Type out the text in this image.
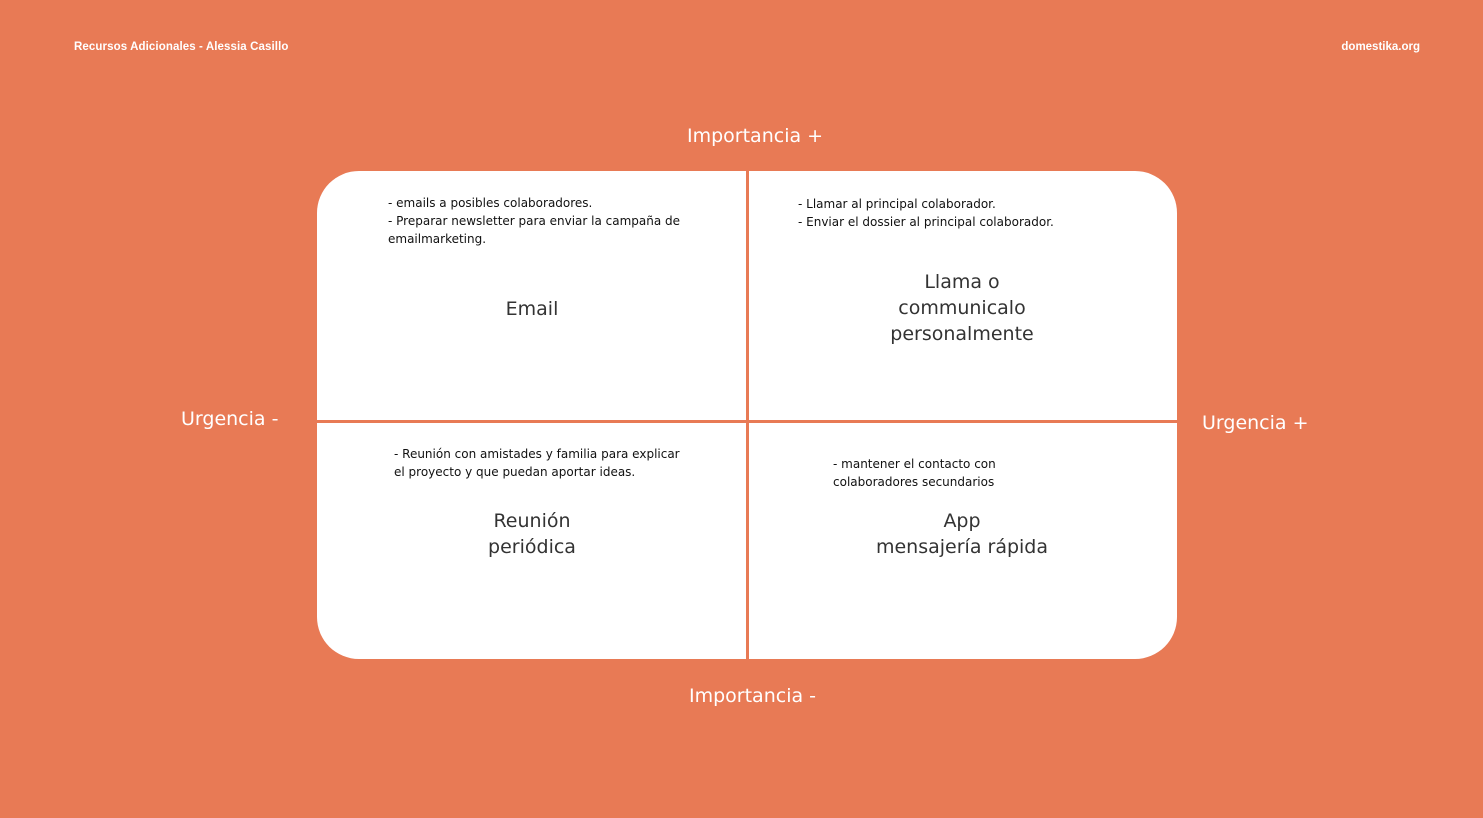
Recursos Adicionales - Alessia Casillo	domestika.org
Importancia +
Importancia -
Urgencia -	Urgencia +
- emails a posibles colaboradores.
- Preparar newsletter para enviar la campaña de
emailmarketing.
Email
- Llamar al principal colaborador.
- Enviar el dossier al principal colaborador.
Llama o
communicalo
personalmente
- Reunión con amistades y familia para explicar
el proyecto y que puedan aportar ideas.
Reunión
periódica
- mantener el contacto con
colaboradores secundarios
App
mensajería rápida
